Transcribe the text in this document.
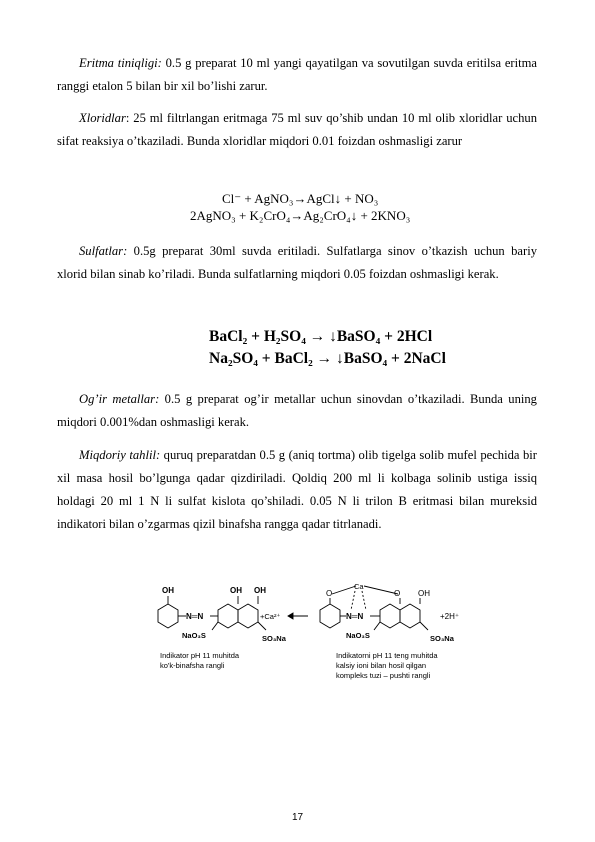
Eritma tiniqligi: 0.5 g preparat 10 ml yangi qayatilgan va sovutilgan suvda eritilsa eritma ranggi etalon 5 bilan bir xil bo’lishi zarur.

Xloridlar: 25 ml filtrlangan eritmaga 75 ml suv qo’shib undan 10 ml olib xloridlar uchun sifat reaksiya o’tkaziladi. Bunda xloridlar miqdori 0.01 foizdan oshmasligi zarur

Cl⁻ + AgNO₃→AgCl↓ + NO₃
2AgNO₃ + K₂CrO₄→Ag₂CrO₄↓ + 2KNO₃

Sulfatlar: 0.5g preparat 30ml suvda eritiladi. Sulfatlarga sinov o’tkazish uchun bariy xlorid bilan sinab ko’riladi. Bunda sulfatlarning miqdori 0.05 foizdan oshmasligi kerak.

BaCl₂ + H₂SO₄ → ↓BaSO₄ + 2HCl
Na₂SO₄ + BaCl₂ → ↓BaSO₄ + 2NaCl

Og’ir metallar: 0.5 g preparat og’ir metallar uchun sinovdan o’tkaziladi. Bunda uning miqdori 0.001%dan oshmasligi kerak.

Miqdoriy tahlil: quruq preparatdan 0.5 g (aniq tortma) olib tigelga solib mufel pechida bir xil masa hosil bo’lgunga qadar qizdiriladi. Qoldiq 200 ml li kolbaga solinib ustiga issiq holdagi 20 ml 1 N li sulfat kislota qo’shiladi. 0.05 N li trilon B eritmasi bilan mureksid indikatori bilan o’zgarmas qizil binafsha rangga qadar titrlanadi.

OH
N═N
OH OH
NaO₃S	SO₃Na
+Ca²⁺
Ca
O	O
N═N
OH
NaO₃S	SO₃Na
+2H⁺
Indikator pH 11 muhitda
ko'k-binafsha rangli
Indikatorni pH 11 teng muhitda
kalsiy ioni bilan hosil qilgan
kompleks tuzi – pushti rangli
17
